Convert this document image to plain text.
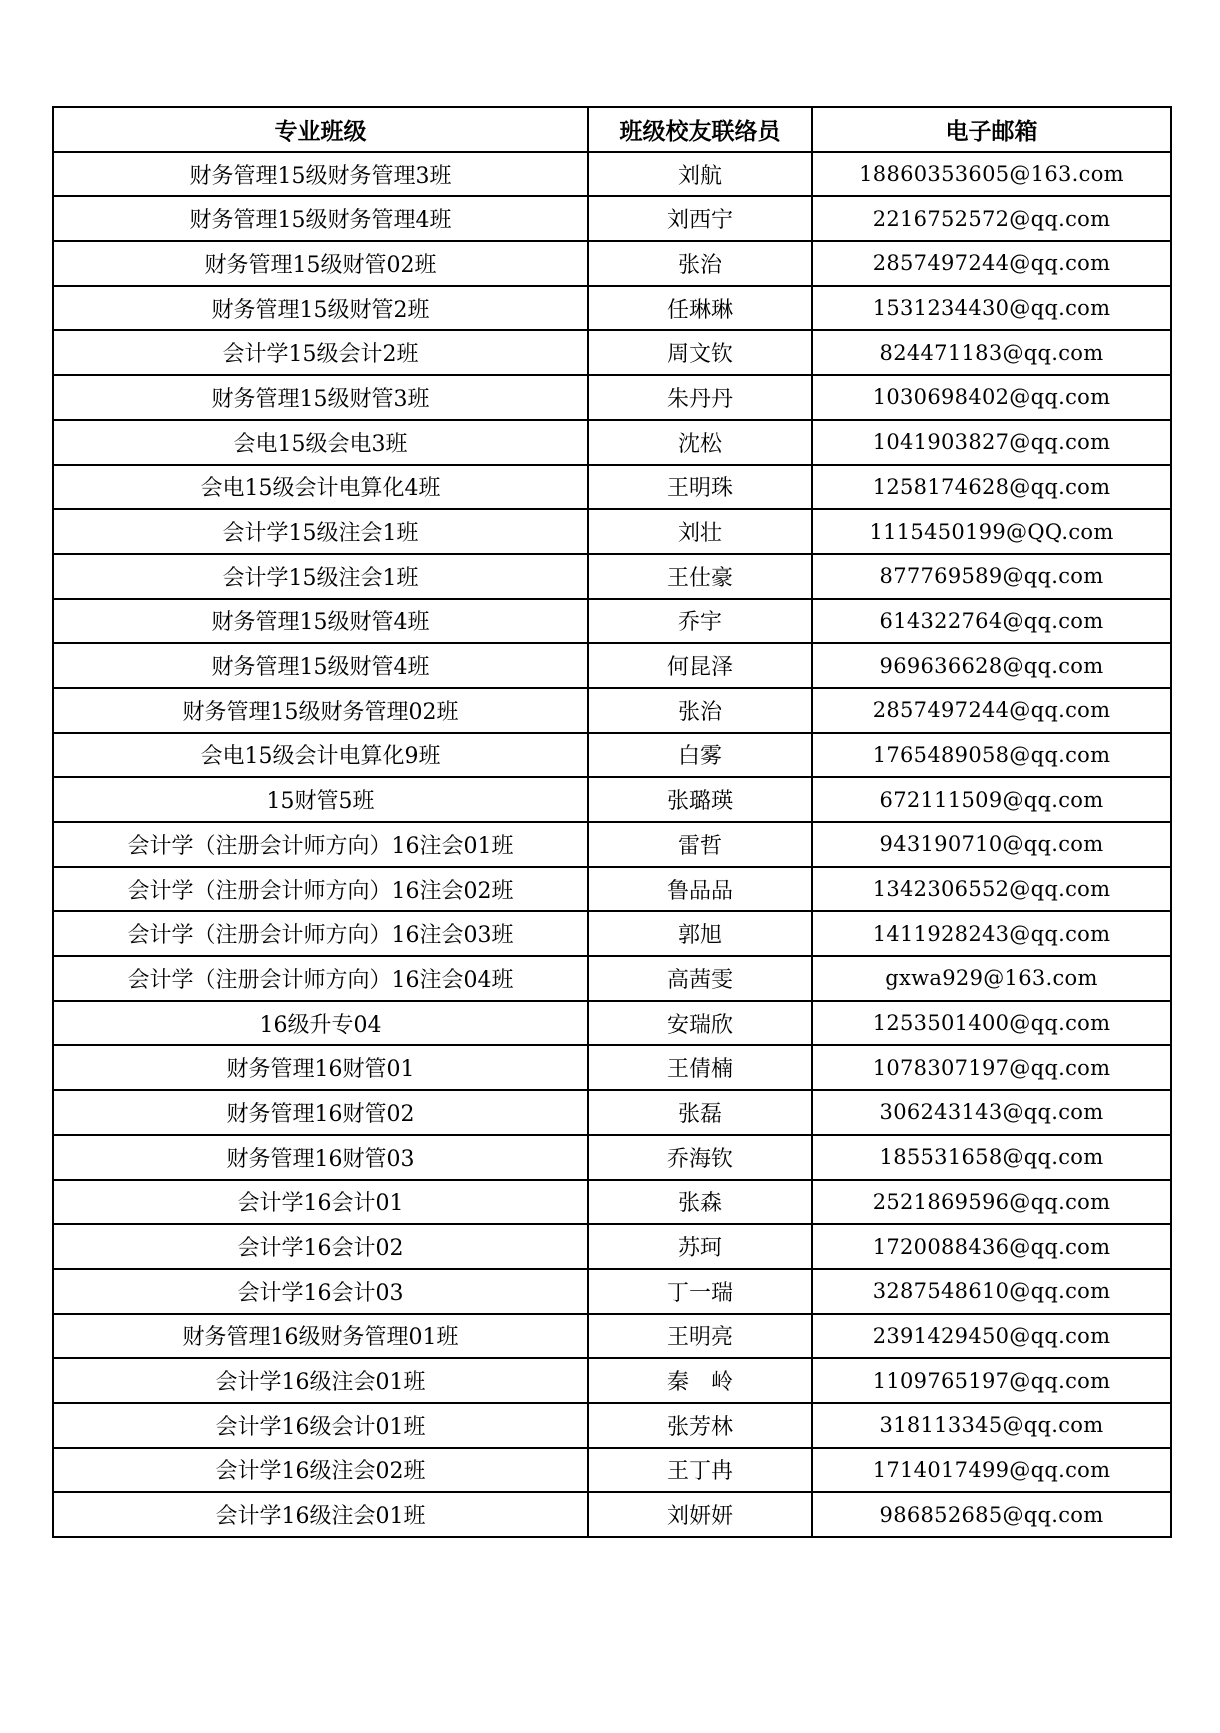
专业班级	班级校友联络员	电子邮箱
财务管理15级财务管理3班	刘航	18860353605@163.com
财务管理15级财务管理4班	刘西宁	2216752572@qq.com
财务管理15级财管02班	张治	2857497244@qq.com
财务管理15级财管2班	任琳琳	1531234430@qq.com
会计学15级会计2班	周文钦	824471183@qq.com
财务管理15级财管3班	朱丹丹	1030698402@qq.com
会电15级会电3班	沈松	1041903827@qq.com
会电15级会计电算化4班	王明珠	1258174628@qq.com
会计学15级注会1班	刘壮	1115450199@QQ.com
会计学15级注会1班	王仕豪	877769589@qq.com
财务管理15级财管4班	乔宇	614322764@qq.com
财务管理15级财管4班	何昆泽	969636628@qq.com
财务管理15级财务管理02班	张治	2857497244@qq.com
会电15级会计电算化9班	白雾	1765489058@qq.com
15财管5班	张璐瑛	672111509@qq.com
会计学（注册会计师方向）16注会01班	雷哲	943190710@qq.com
会计学（注册会计师方向）16注会02班	鲁品品	1342306552@qq.com
会计学（注册会计师方向）16注会03班	郭旭	1411928243@qq.com
会计学（注册会计师方向）16注会04班	高茜雯	gxwa929@163.com
16级升专04	安瑞欣	1253501400@qq.com
财务管理16财管01	王倩楠	1078307197@qq.com
财务管理16财管02	张磊	306243143@qq.com
财务管理16财管03	乔海钦	185531658@qq.com
会计学16会计01	张森	2521869596@qq.com
会计学16会计02	苏珂	1720088436@qq.com
会计学16会计03	丁一瑞	3287548610@qq.com
财务管理16级财务管理01班	王明亮	2391429450@qq.com
会计学16级注会01班	秦　岭	1109765197@qq.com
会计学16级会计01班	张芳林	318113345@qq.com
会计学16级注会02班	王丁冉	1714017499@qq.com
会计学16级注会01班	刘妍妍	986852685@qq.com
